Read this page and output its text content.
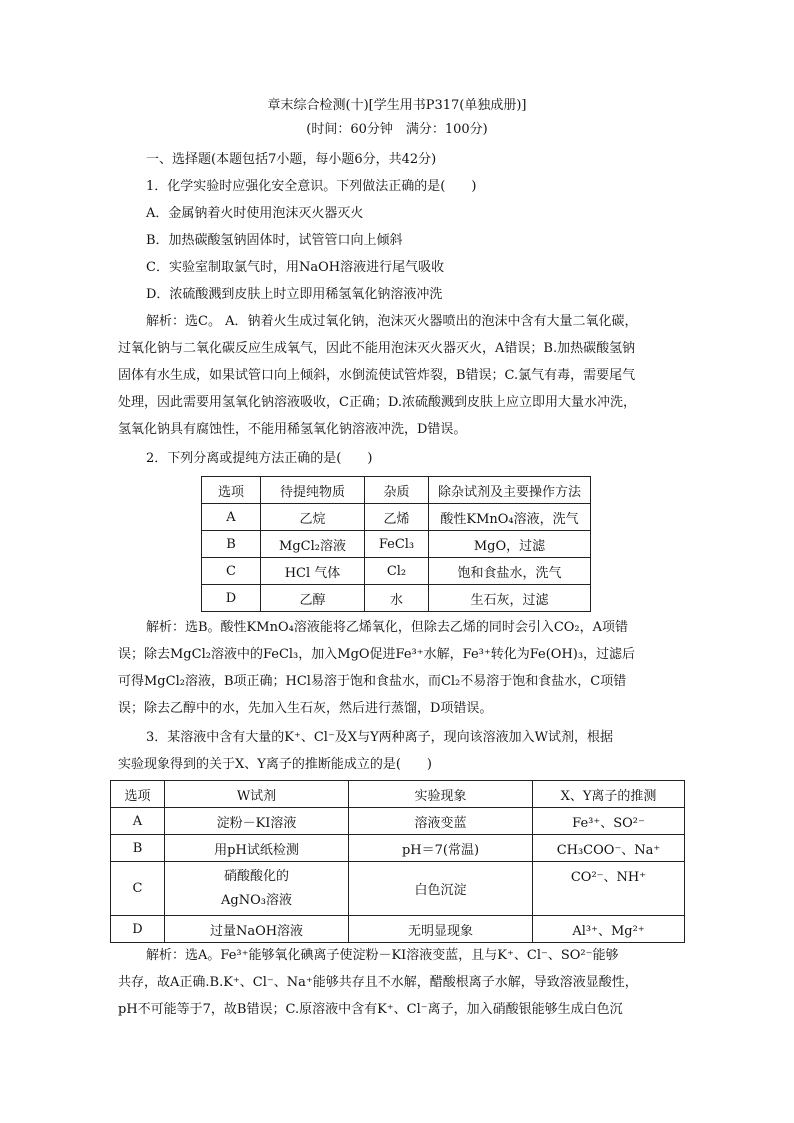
章末综合检测(十)[学生用书P317(单独成册)]
(时间：60分钟　满分：100分)
一、选择题(本题包括7小题，每小题6分，共42分)
1．化学实验时应强化安全意识。下列做法正确的是(　　)
A．金属钠着火时使用泡沫灭火器灭火
B．加热碳酸氢钠固体时，试管管口向上倾斜
C．实验室制取氯气时，用NaOH溶液进行尾气吸收
D．浓硫酸溅到皮肤上时立即用稀氢氧化钠溶液冲洗
解析：选C。 A．钠着火生成过氧化钠，泡沫灭火器喷出的泡沫中含有大量二氧化碳，
过氧化钠与二氧化碳反应生成氧气，因此不能用泡沫灭火器灭火，A错误；B.加热碳酸氢钠
固体有水生成，如果试管口向上倾斜，水倒流使试管炸裂，B错误；C.氯气有毒，需要尾气
处理，因此需要用氢氧化钠溶液吸收，C正确；D.浓硫酸溅到皮肤上应立即用大量水冲洗，
氢氧化钠具有腐蚀性，不能用稀氢氧化钠溶液冲洗，D错误。
2．下列分离或提纯方法正确的是(　　)
选项	待提纯物质	杂质	除杂试剂及主要操作方法
A	乙烷	乙烯	酸性KMnO₄溶液，洗气
B	MgCl₂溶液	FeCl₃	MgO，过滤
C	HCl 气体	Cl₂	饱和食盐水，洗气
D	乙醇	水	生石灰，过滤
解析：选B。酸性KMnO₄溶液能将乙烯氧化，但除去乙烯的同时会引入CO₂，A项错
误；除去MgCl₂溶液中的FeCl₃，加入MgO促进Fe³⁺水解，Fe³⁺转化为Fe(OH)₃，过滤后
可得MgCl₂溶液，B项正确；HCl易溶于饱和食盐水，而Cl₂不易溶于饱和食盐水，C项错
误；除去乙醇中的水，先加入生石灰，然后进行蒸馏，D项错误。
3．某溶液中含有大量的K⁺、Cl⁻及X与Y两种离子，现向该溶液加入W试剂，根据
实验现象得到的关于X、Y离子的推断能成立的是(　　)
选项	W试剂	实验现象	X、Y离子的推测
A	淀粉－KI溶液	溶液变蓝	Fe³⁺、SO²⁻
B	用pH试纸检测	pH＝7(常温)	CH₃COO⁻、Na⁺
C	硝酸酸化的
AgNO₃溶液	白色沉淀	CO²⁻、NH⁺
D	过量NaOH溶液	无明显现象	Al³⁺、Mg²⁺
解析：选A。Fe³⁺能够氧化碘离子使淀粉－KI溶液变蓝，且与K⁺、Cl⁻、SO²⁻能够
共存，故A正确.B.K⁺、Cl⁻、Na⁺能够共存且不水解，醋酸根离子水解，导致溶液显酸性，
pH不可能等于7，故B错误；C.原溶液中含有K⁺、Cl⁻离子，加入硝酸银能够生成白色沉
